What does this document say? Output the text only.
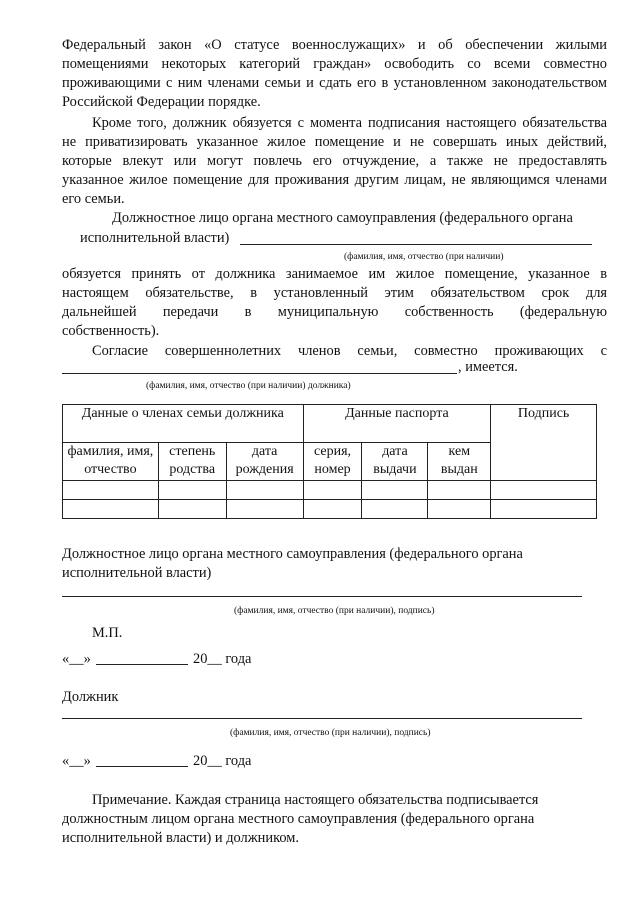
Федеральный закон «О статусе военнослужащих» и об обеспечении жилыми

помещениями некоторых категорий граждан» освободить со всеми совместно

проживающими с ним членами семьи и сдать его в установленном законодательством

Российской Федерации порядке.

Кроме того, должник обязуется с момента подписания настоящего обязательства

не приватизировать указанное жилое помещение и не совершать иных действий,

которые влекут или могут повлечь его отчуждение, а также не предоставлять

указанное жилое помещение для проживания другим лицам, не являющимся членами

его семьи.

Должностное лицо органа местного самоуправления (федерального органа

исполнительной власти)

(фамилия, имя, отчество (при наличии)

обязуется принять от должника занимаемое им жилое помещение, указанное в

настоящем обязательстве, в установленный этим обязательством срок для

дальнейшей передачи в муниципальную собственность (федеральную

собственность).

Согласие совершеннолетних членов семьи, совместно проживающих с

, имеется.

(фамилия, имя, отчество (при наличии) должника)
Данные о членах семьи должника			Данные паспорта			Подпись
фамилия, имя, отчество	степень родства	дата рождения	серия, номер	дата выдачи	кем выдан	

Должностное лицо органа местного самоуправления (федерального органа

исполнительной власти)

(фамилия, имя, отчество (при наличии), подпись)

М.П.

«__»	20__ года

Должник

(фамилия, имя, отчество (при наличии), подпись)

«__»	20__ года

Примечание. Каждая страница настоящего обязательства подписывается

должностным лицом органа местного самоуправления (федерального органа

исполнительной власти) и должником.
